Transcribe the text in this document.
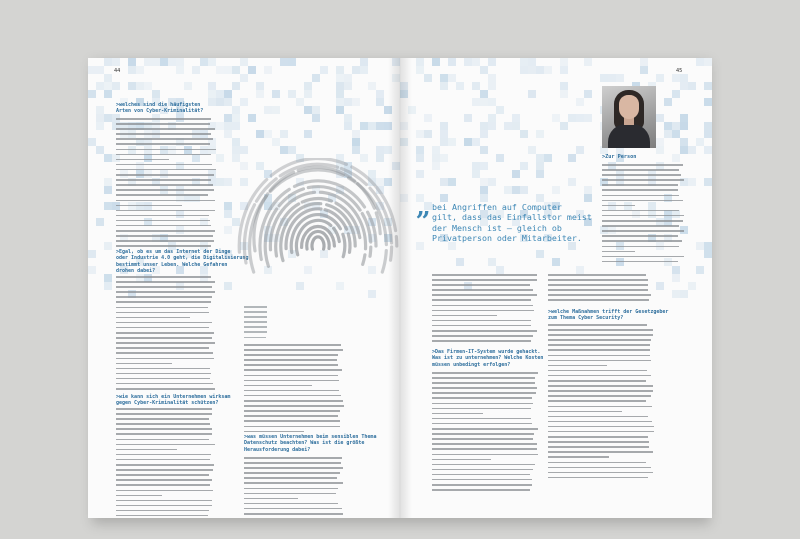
44
>welches sind die häufigsten
Arten von Cyber-Kriminalität?
>Egal, ob es um das Internet der Dinge
oder Industrie 4.0 geht, die Digitalisierung
bestimmt unser Leben. Welche Gefahren
drohen dabei?
>wie kann sich ein Unternehmen wirksam
gegen Cyber-Kriminalität schützen?
>was müssen Unternehmen beim sensiblen Thema
Datenschutz beachten? Was ist die größte
Herausforderung dabei?
45
>Zur Person
„ bei Angriffen auf Computer
gilt, dass das Einfallstor meist
der Mensch ist – gleich ob
Privatperson oder Mitarbeiter.
>Das Firmen-IT-System wurde gehackt.
Was ist zu unternehmen? Welche Kosten
müssen unbedingt erfolgen?
>welche Maßnahmen trifft der Gesetzgeber
zum Thema Cyber Security?
